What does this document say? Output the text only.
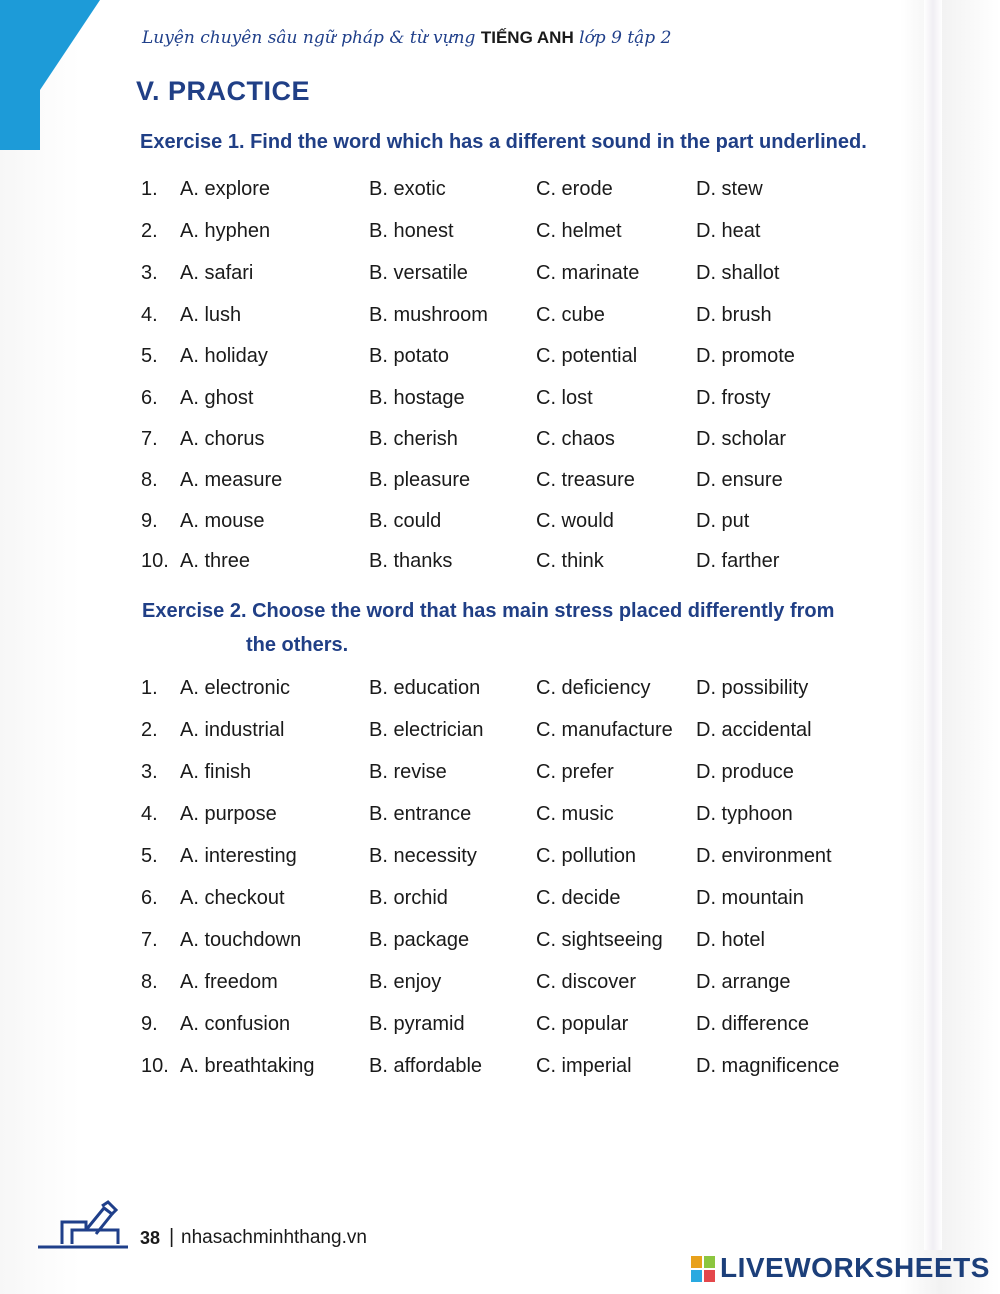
Luyện chuyên sâu ngữ pháp & từ vựng TIẾNG ANH lớp 9 tập 2
V. PRACTICE
Exercise 1. Find the word which has a different sound in the part underlined.
1. A. explore	B. exotic	C. erode	D. stew
2. A. hyphen	B. honest	C. helmet	D. heat
3. A. safari	B. versatile	C. marinate	D. shallot
4. A. lush	B. mushroom C. cube	D. brush
5. A. holiday	B. potato	C. potential	D. promote
6. A. ghost	B. hostage	C. lost	D. frosty
7. A. chorus	B. cherish	C. chaos	D. scholar
8. A. measure	B. pleasure	C. treasure	D. ensure
9. A. mouse	B. could	C. would	D. put
10. A. three	B. thanks	C. think	D. farther
Exercise 2. Choose the word that has main stress placed differently from
the others.
1. A. electronic	B. education	C. deficiency D. possibility
2. A. industrial	B. electrician	C. manufacture D. accidental
3. A. finish	B. revise	C. prefer	D. produce
4. A. purpose	B. entrance	C. music	D. typhoon
5. A. interesting	B. necessity	C. pollution	D. environment
6. A. checkout	B. orchid	C. decide	D. mountain
7. A. touchdown	B. package	C. sightseeing D. hotel
8. A. freedom	B. enjoy	C. discover	D. arrange
9. A. confusion	B. pyramid	C. popular	D. difference
10. A. breathtaking	B. affordable	C. imperial	D. magnificence
38 | nhasachminhthang.vn
LIVEWORKSHEETS
